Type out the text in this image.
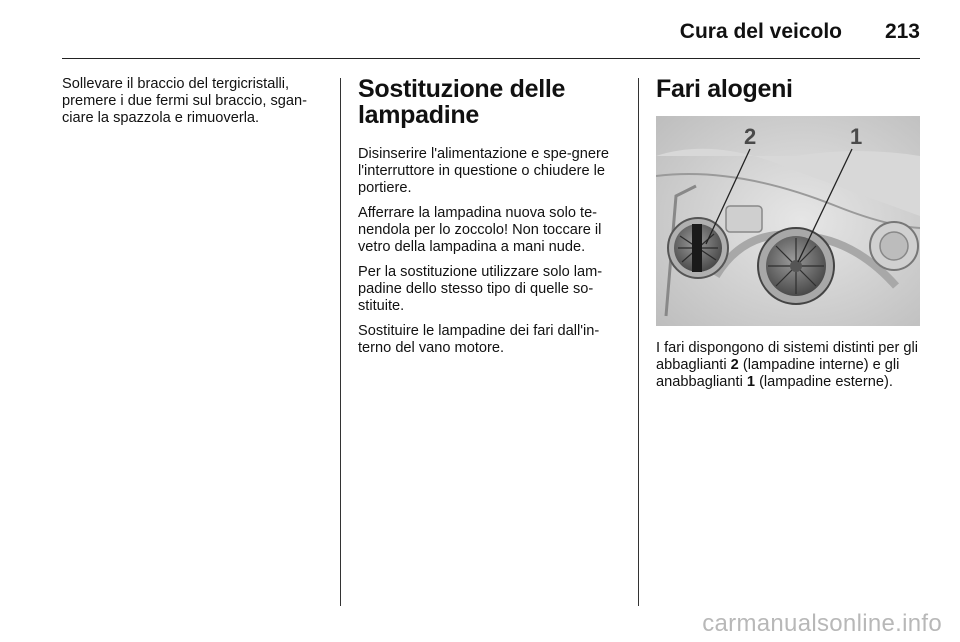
Cura del veicolo 213

Sollevare il braccio del tergicristalli, premere i due fermi sul braccio, sgan-ciare la spazzola e rimuoverla.

Sostituzione delle lampadine

Disinserire l'alimentazione e spe-gnere l'interruttore in questione o chiudere le portiere.

Afferrare la lampadina nuova solo te-nendola per lo zoccolo! Non toccare il vetro della lampadina a mani nude.

Per la sostituzione utilizzare solo lam-padine dello stesso tipo di quelle so-stituite.

Sostituire le lampadine dei fari dall'in-terno del vano motore.

Fari alogeni
2	1

I fari dispongono di sistemi distinti per gli abbaglianti 2 (lampadine interne) e gli anabbaglianti 1 (lampadine esterne).

carmanualsonline.info
